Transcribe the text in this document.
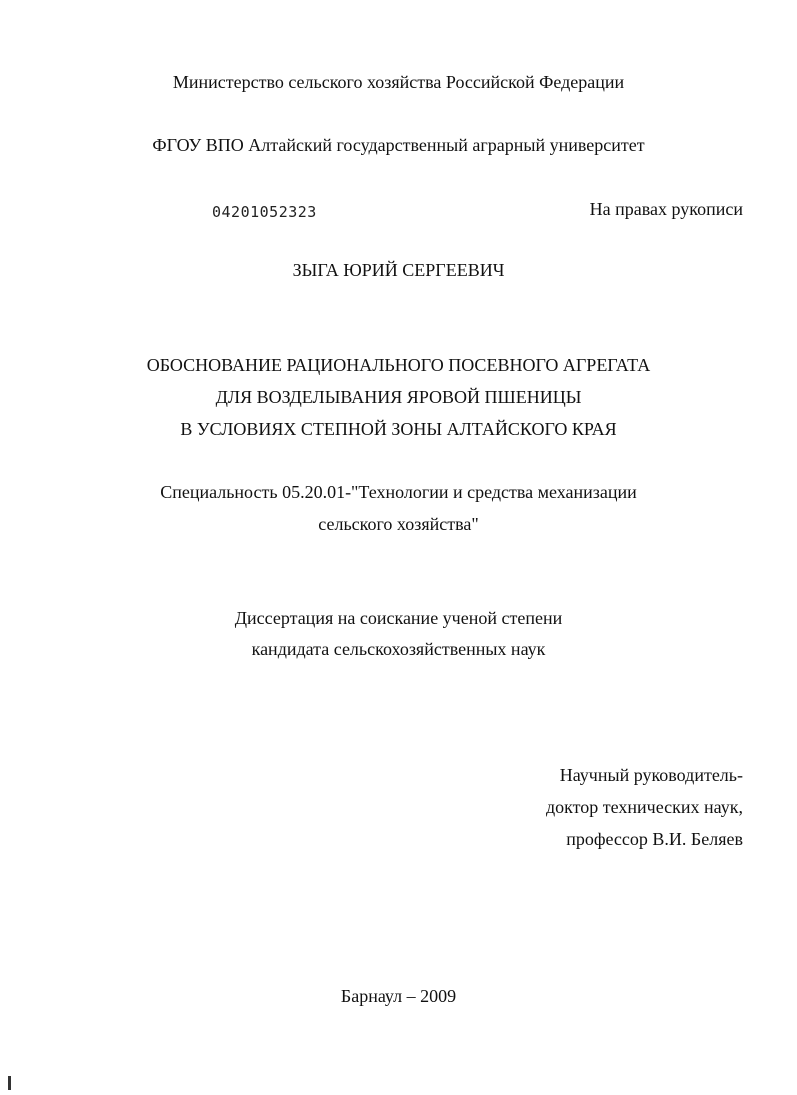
Министерство сельского хозяйства Российской Федерации

ФГОУ ВПО Алтайский государственный аграрный университет

04201052323	На правах рукописи

ЗЫГА ЮРИЙ СЕРГЕЕВИЧ

ОБОСНОВАНИЕ РАЦИОНАЛЬНОГО ПОСЕВНОГО АГРЕГАТА

ДЛЯ ВОЗДЕЛЫВАНИЯ ЯРОВОЙ ПШЕНИЦЫ

В УСЛОВИЯХ СТЕПНОЙ ЗОНЫ АЛТАЙСКОГО КРАЯ

Специальность 05.20.01-"Технологии и средства механизации

сельского хозяйства"

Диссертация на соискание ученой степени

кандидата сельскохозяйственных наук

Научный руководитель-

доктор технических наук,

профессор В.И. Беляев

Барнаул – 2009
